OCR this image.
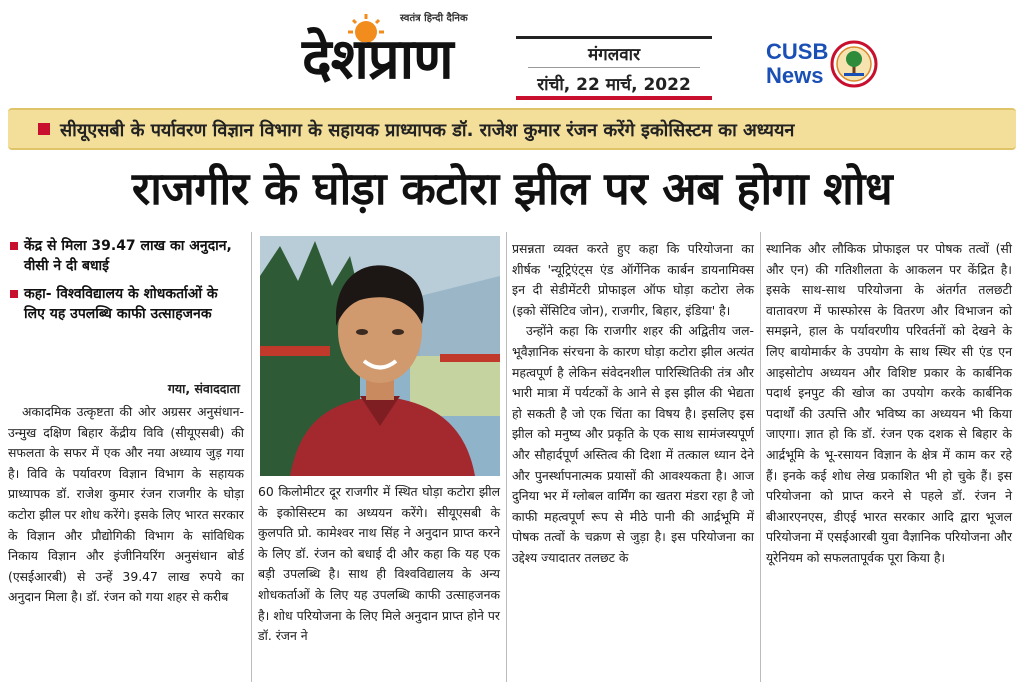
स्वतंत्र हिन्दी दैनिक
देशप्राण	मंगलवार
रांची, 22 मार्च, 2022
CUSB
News
सीयूएसबी के पर्यावरण विज्ञान विभाग के सहायक प्राध्यापक डॉ. राजेश कुमार रंजन करेंगे इकोसिस्टम का अध्ययन
राजगीर के घोड़ा कटोरा झील पर अब होगा शोध
केंद्र से मिला 39.47 लाख का अनुदान, वीसी ने दी बधाई
कहा- विश्वविद्यालय के शोधकर्ताओं के लिए यह उपलब्धि काफी उत्साहजनक
गया, संवाददाता

अकादमिक उत्कृष्टता की ओर अग्रसर अनुसंधान-उन्मुख दक्षिण बिहार केंद्रीय विवि (सीयूएसबी) की सफलता के सफर में एक और नया अध्याय जुड़ गया है। विवि के पर्यावरण विज्ञान विभाग के सहायक प्राध्यापक डॉ. राजेश कुमार रंजन राजगीर के घोड़ा कटोरा झील पर शोध करेंगे। इसके लिए भारत सरकार के विज्ञान और प्रौद्योगिकी विभाग के सांविधिक निकाय विज्ञान और इंजीनियरिंग अनुसंधान बोर्ड (एसईआरबी) से उन्हें 39.47 लाख रुपये का अनुदान मिला है। डॉ. रंजन को गया शहर से करीब

60 किलोमीटर दूर राजगीर में स्थित घोड़ा कटोरा झील के इकोसिस्टम का अध्ययन करेंगे। सीयूएसबी के कुलपति प्रो. कामेश्वर नाथ सिंह ने अनुदान प्राप्त करने के लिए डॉ. रंजन को बधाई दी और कहा कि यह एक बड़ी उपलब्धि है। साथ ही विश्वविद्यालय के अन्य शोधकर्ताओं के लिए यह उपलब्धि काफी उत्साहजनक है। शोध परियोजना के लिए मिले अनुदान प्राप्त होने पर डॉ. रंजन ने

प्रसन्नता व्यक्त करते हुए कहा कि परियोजना का शीर्षक 'न्यूट्रिएंट्स एंड ऑर्गेनिक कार्बन डायनामिक्स इन दी सेडीमेंटरी प्रोफाइल ऑफ घोड़ा कटोरा लेक (इको सेंसिटिव जोन), राजगीर, बिहार, इंडिया' है।

उन्होंने कहा कि राजगीर शहर की अद्वितीय जल-भूवैज्ञानिक संरचना के कारण घोड़ा कटोरा झील अत्यंत महत्वपूर्ण है लेकिन संवेदनशील पारिस्थितिकी तंत्र और भारी मात्रा में पर्यटकों के आने से इस झील की भेद्यता हो सकती है जो एक चिंता का विषय है। इसलिए इस झील को मनुष्य और प्रकृति के एक साथ सामंजस्यपूर्ण और सौहार्दपूर्ण अस्तित्व की दिशा में तत्काल ध्यान देने और पुनर्स्थापनात्मक प्रयासों की आवश्यकता है। आज दुनिया भर में ग्लोबल वार्मिंग का खतरा मंडरा रहा है जो काफी महत्वपूर्ण रूप से मीठे पानी की आर्द्रभूमि में पोषक तत्वों के चक्रण से जुड़ा है। इस परियोजना का उद्देश्य ज्यादातर तलछट के

स्थानिक और लौकिक प्रोफाइल पर पोषक तत्वों (सी और एन) की गतिशीलता के आकलन पर केंद्रित है। इसके साथ-साथ परियोजना के अंतर्गत तलछटी वातावरण में फास्फोरस के वितरण और विभाजन को समझने, हाल के पर्यावरणीय परिवर्तनों को देखने के लिए बायोमार्कर के उपयोग के साथ स्थिर सी एंड एन आइसोटोप अध्ययन और विशिष्ट प्रकार के कार्बनिक पदार्थ इनपुट की खोज का उपयोग करके कार्बनिक पदार्थों की उत्पत्ति और भविष्य का अध्ययन भी किया जाएगा। ज्ञात हो कि डॉ. रंजन एक दशक से बिहार के आर्द्रभूमि के भू-रसायन विज्ञान के क्षेत्र में काम कर रहे हैं। इनके कई शोध लेख प्रकाशित भी हो चुके हैं। इस परियोजना को प्राप्त करने से पहले डॉ. रंजन ने बीआरएनएस, डीएई भारत सरकार आदि द्वारा भूजल परियोजना में एसईआरबी युवा वैज्ञानिक परियोजना और यूरेनियम को सफलतापूर्वक पूरा किया है।
